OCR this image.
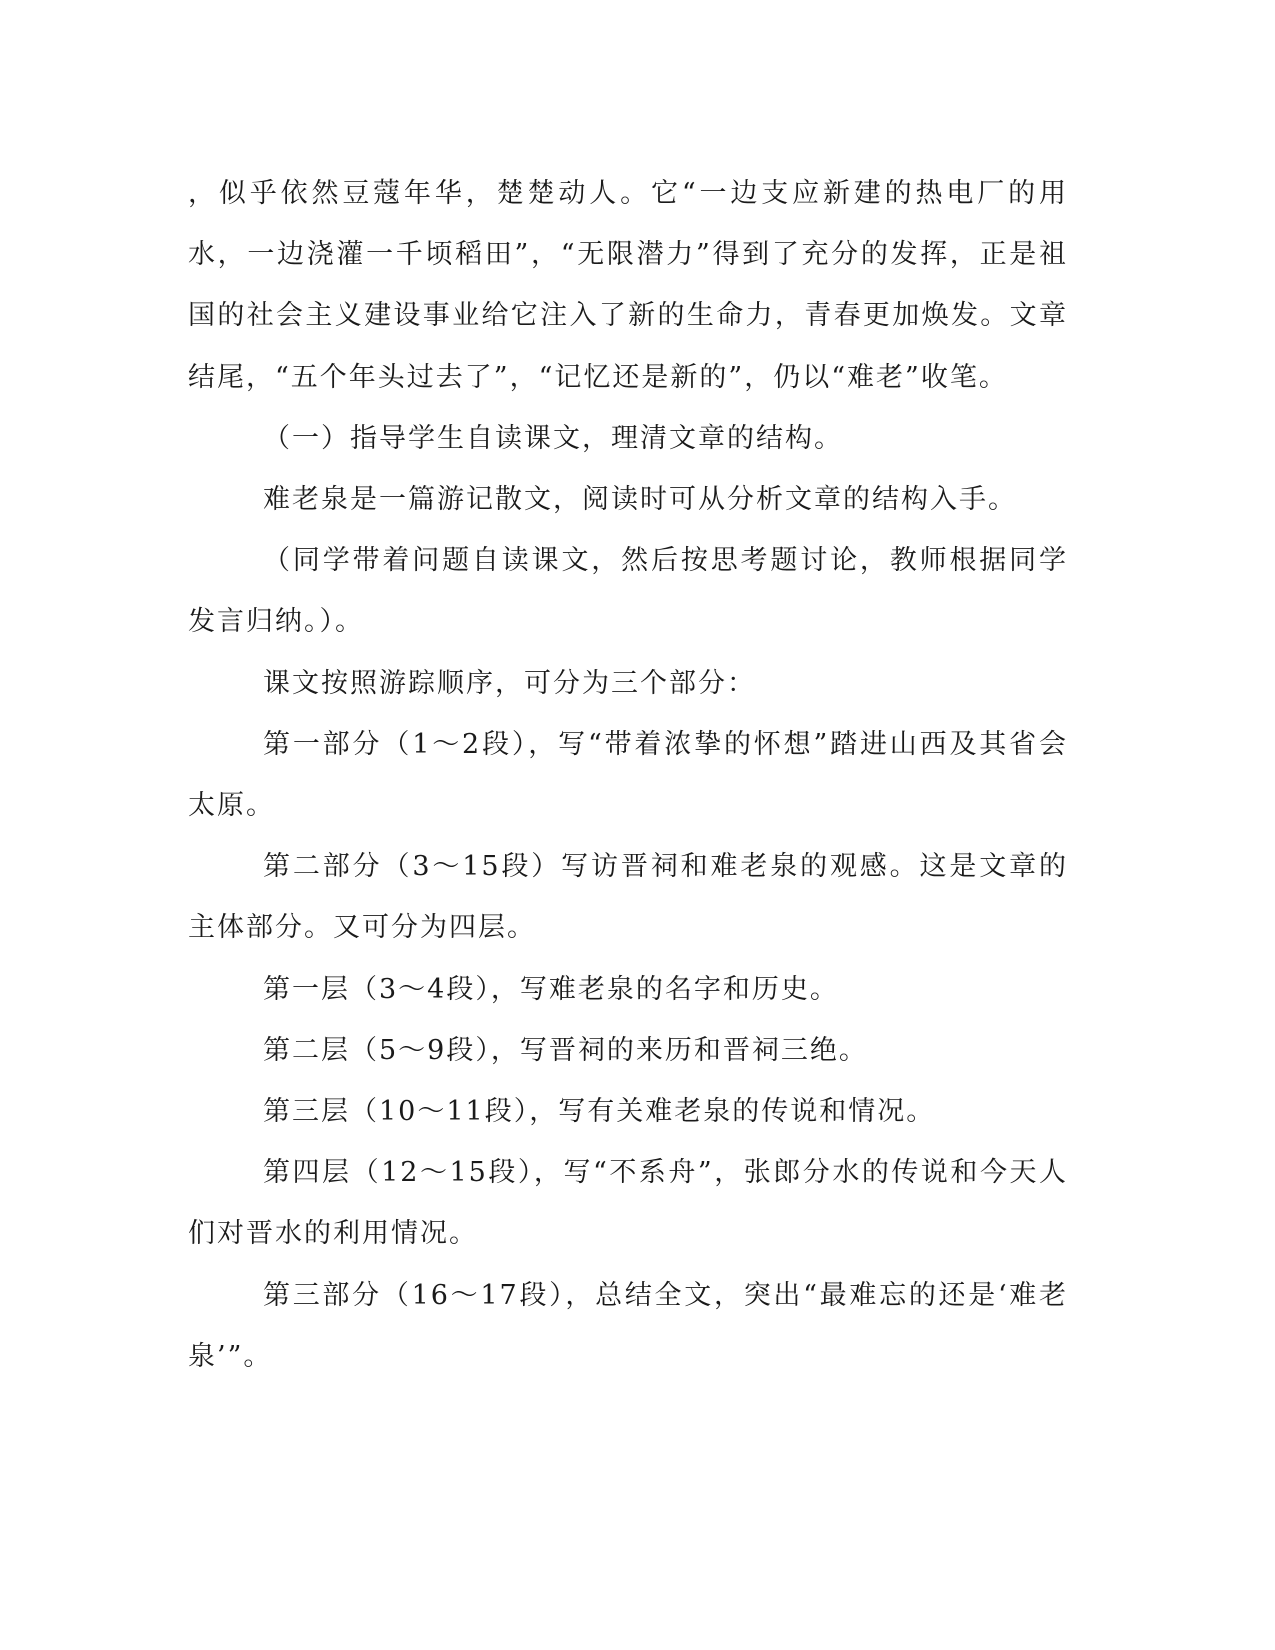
，似乎依然豆蔻年华，楚楚动人。它“一边支应新建的热电厂的用水，一边浇灌一千顷稻田”，“无限潜力”得到了充分的发挥，正是祖国的社会主义建设事业给它注入了新的生命力，青春更加焕发。文章结尾，“五个年头过去了”，“记忆还是新的”，仍以“难老”收笔。

（一）指导学生自读课文，理清文章的结构。

难老泉是一篇游记散文，阅读时可从分析文章的结构入手。

（同学带着问题自读课文，然后按思考题讨论，教师根据同学发言归纳。）。

课文按照游踪顺序，可分为三个部分：

第一部分（1～2段），写“带着浓挚的怀想”踏进山西及其省会太原。

第二部分（3～15段）写访晋祠和难老泉的观感。这是文章的主体部分。又可分为四层。

第一层（3～4段），写难老泉的名字和历史。

第二层（5～9段），写晋祠的来历和晋祠三绝。

第三层（10～11段），写有关难老泉的传说和情况。

第四层（12～15段），写“不系舟”，张郎分水的传说和今天人们对晋水的利用情况。

第三部分（16～17段），总结全文，突出“最难忘的还是‘难老泉’”。
